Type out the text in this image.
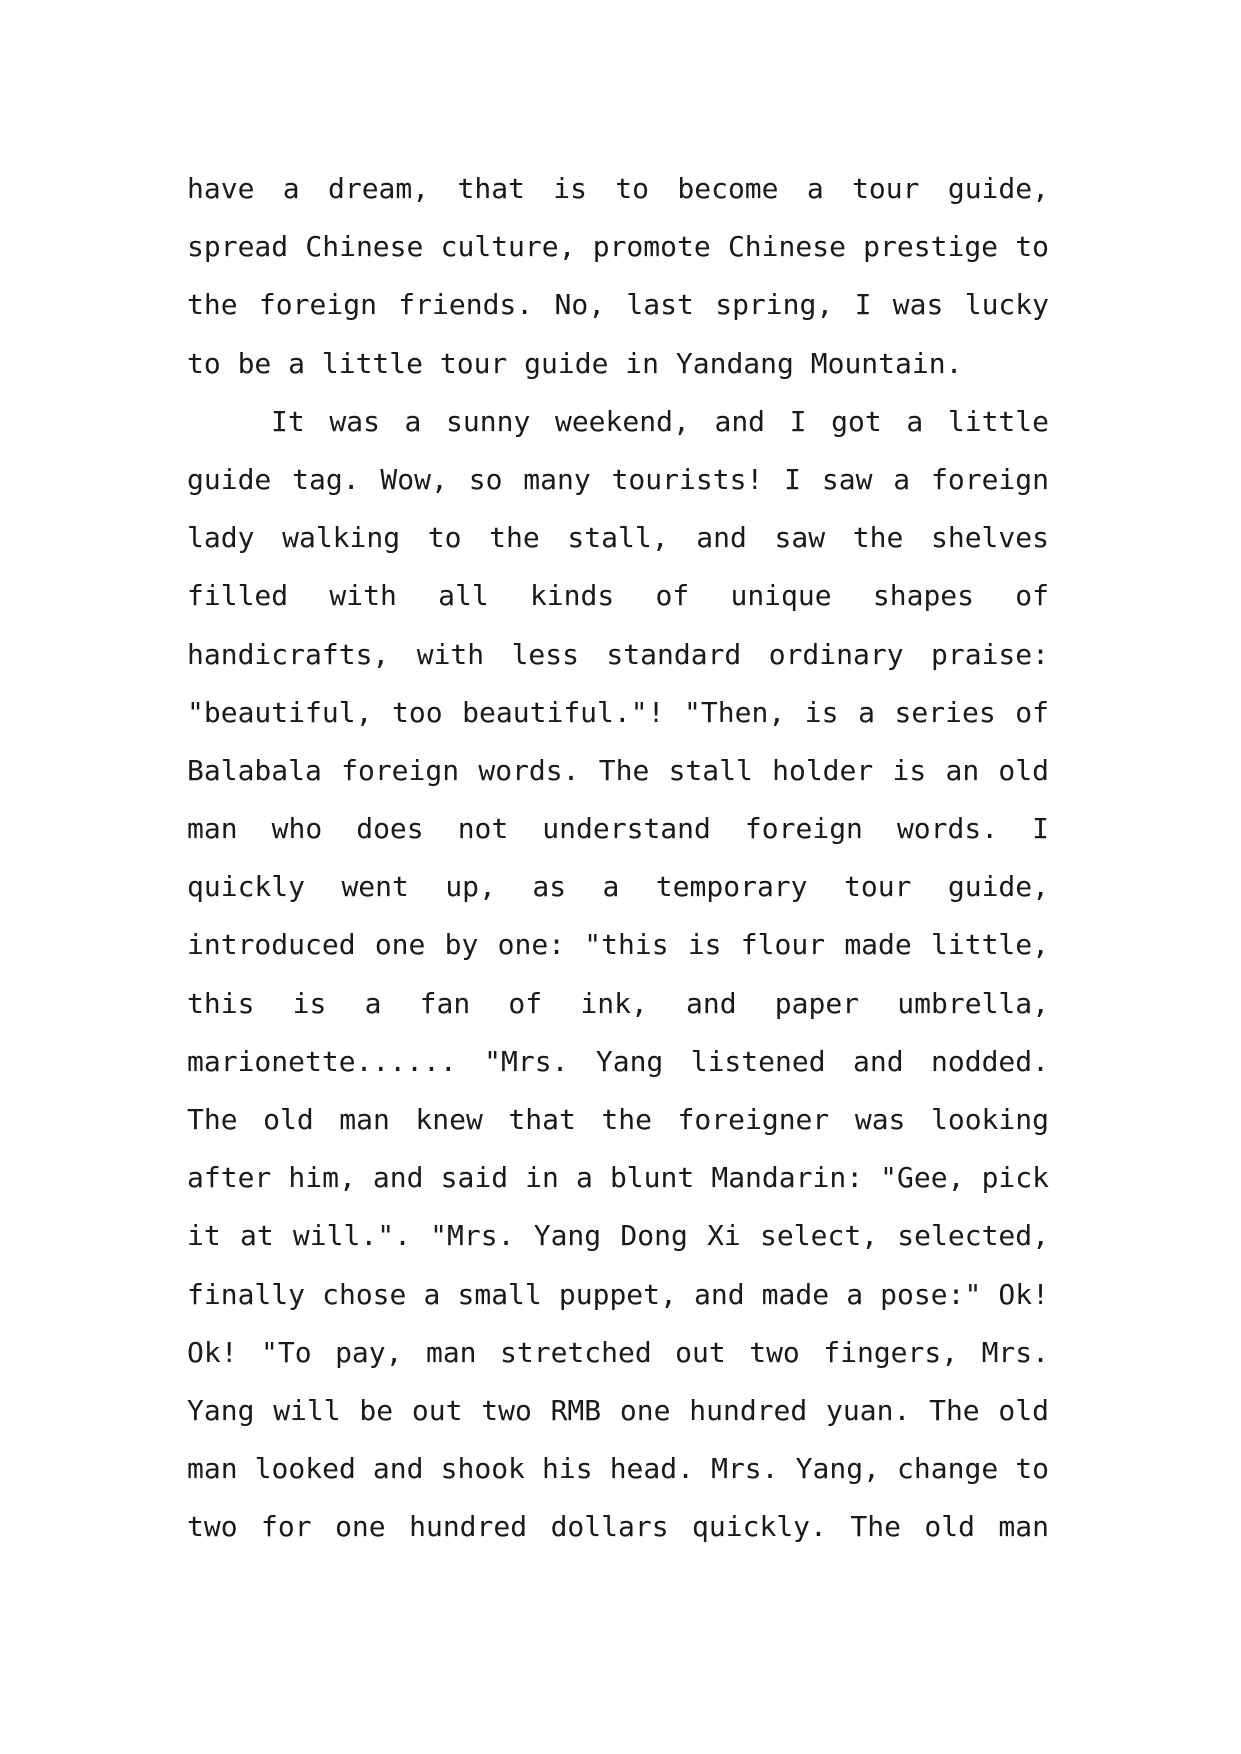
have a dream, that is to become a tour guide,
spread Chinese culture, promote Chinese prestige to
the foreign friends. No, last spring, I was lucky
to be a little tour guide in Yandang Mountain.
It was a sunny weekend, and I got a little
guide tag. Wow, so many tourists! I saw a foreign
lady walking to the stall, and saw the shelves
filled with all kinds of unique shapes of
handicrafts, with less standard ordinary praise:
"beautiful, too beautiful."! "Then, is a series of
Balabala foreign words. The stall holder is an old
man who does not understand foreign words. I
quickly went up, as a temporary tour guide,
introduced one by one: "this is flour made little,
this is a fan of ink, and paper umbrella,
marionette...... "Mrs. Yang listened and nodded.
The old man knew that the foreigner was looking
after him, and said in a blunt Mandarin: "Gee, pick
it at will.". "Mrs. Yang Dong Xi select, selected,
finally chose a small puppet, and made a pose:" Ok!
Ok! "To pay, man stretched out two fingers, Mrs.
Yang will be out two RMB one hundred yuan. The old
man looked and shook his head. Mrs. Yang, change to
two for one hundred dollars quickly. The old man
